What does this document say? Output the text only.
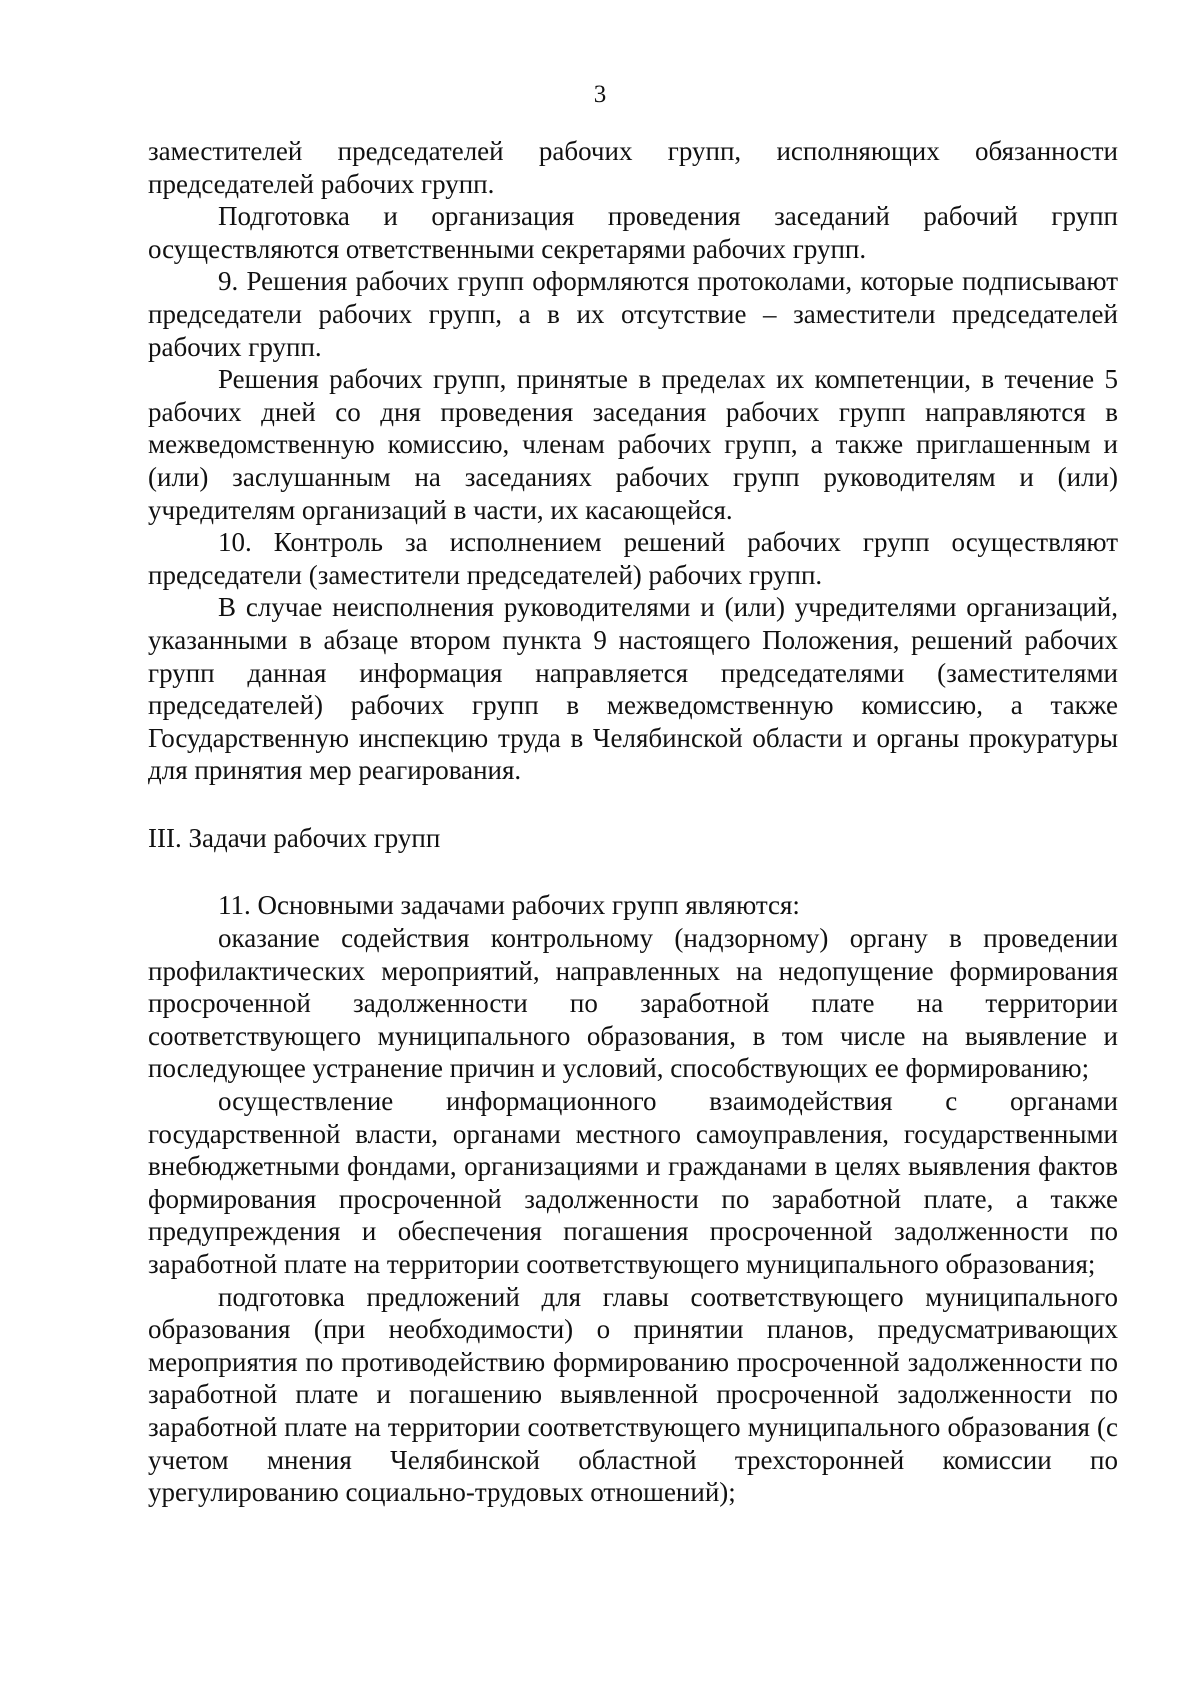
3

заместителей председателей рабочих групп, исполняющих обязанности председателей рабочих групп.

Подготовка и организация проведения заседаний рабочий групп осуществляются ответственными секретарями рабочих групп.

9. Решения рабочих групп оформляются протоколами, которые подписывают председатели рабочих групп, а в их отсутствие – заместители председателей рабочих групп.

Решения рабочих групп, принятые в пределах их компетенции, в течение 5 рабочих дней со дня проведения заседания рабочих групп направляются в межведомственную комиссию, членам рабочих групп, а также приглашенным и (или) заслушанным на заседаниях рабочих групп руководителям и (или) учредителям организаций в части, их касающейся.

10. Контроль за исполнением решений рабочих групп осуществляют председатели (заместители председателей) рабочих групп.

В случае неисполнения руководителями и (или) учредителями организаций, указанными в абзаце втором пункта 9 настоящего Положения, решений рабочих групп данная информация направляется председателями (заместителями председателей) рабочих групп в межведомственную комиссию, а также Государственную инспекцию труда в Челябинской области и органы прокуратуры для принятия мер реагирования.

III. Задачи рабочих групп

11. Основными задачами рабочих групп являются:

оказание содействия контрольному (надзорному) органу в проведении профилактических мероприятий, направленных на недопущение формирования просроченной задолженности по заработной плате на территории соответствующего муниципального образования, в том числе на выявление и последующее устранение причин и условий, способствующих ее формированию;

осуществление информационного взаимодействия с органами государственной власти, органами местного самоуправления, государственными внебюджетными фондами, организациями и гражданами в целях выявления фактов формирования просроченной задолженности по заработной плате, а также предупреждения и обеспечения погашения просроченной задолженности по заработной плате на территории соответствующего муниципального образования;

подготовка предложений для главы соответствующего муниципального образования (при необходимости) о принятии планов, предусматривающих мероприятия по противодействию формированию просроченной задолженности по заработной плате и погашению выявленной просроченной задолженности по заработной плате на территории соответствующего муниципального образования (с учетом мнения Челябинской областной трехсторонней комиссии по урегулированию социально-трудовых отношений);
